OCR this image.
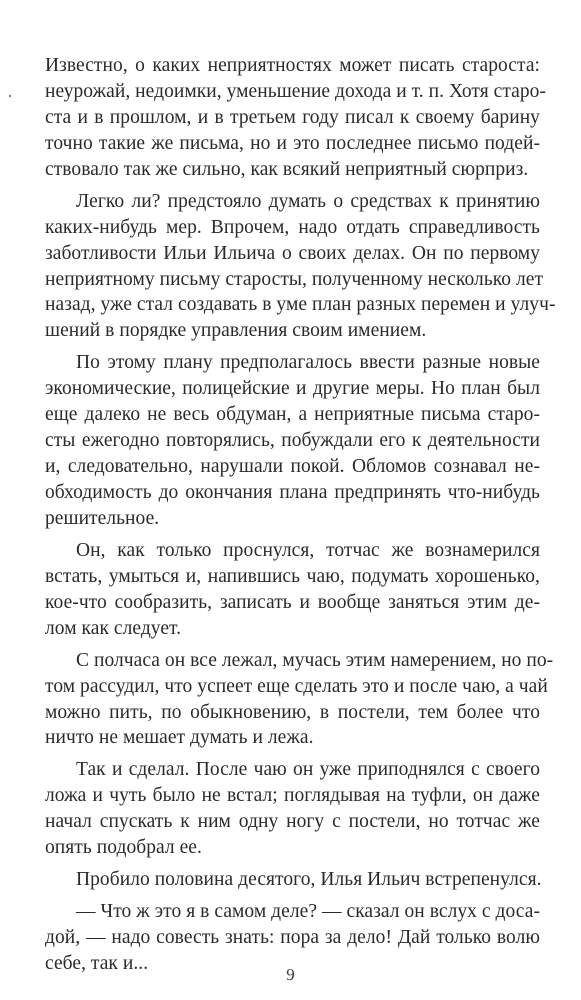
Известно, о каких неприятностях может писать староста:
неурожай, недоимки, уменьшение дохода и т. п. Хотя старо-
ста и в прошлом, и в третьем году писал к своему барину
точно такие же письма, но и это последнее письмо подей-
ствовало так же сильно, как всякий неприятный сюрприз.
Легко ли? предстояло думать о средствах к принятию
каких-нибудь мер. Впрочем, надо отдать справедливость
заботливости Ильи Ильича о своих делах. Он по первому
неприятному письму старосты, полученному несколько лет
назад, уже стал создавать в уме план разных перемен и улуч-
шений в порядке управления своим имением.
По этому плану предполагалось ввести разные новые
экономические, полицейские и другие меры. Но план был
еще далеко не весь обдуман, а неприятные письма старо-
сты ежегодно повторялись, побуждали его к деятельности
и, следовательно, нарушали покой. Обломов сознавал не-
обходимость до окончания плана предпринять что-нибудь
решительное.
Он, как только проснулся, тотчас же вознамерился
встать, умыться и, напившись чаю, подумать хорошенько,
кое-что сообразить, записать и вообще заняться этим де-
лом как следует.
С полчаса он все лежал, мучась этим намерением, но по-
том рассудил, что успеет еще сделать это и после чаю, а чай
можно пить, по обыкновению, в постели, тем более что
ничто не мешает думать и лежа.
Так и сделал. После чаю он уже приподнялся с своего
ложа и чуть было не встал; поглядывая на туфли, он даже
начал спускать к ним одну ногу с постели, но тотчас же
опять подобрал ее.
9
Пробило половина десятого, Илья Ильич встрепенулся.
— Что ж это я в самом деле? — сказал он вслух с доса-
дой, — надо совесть знать: пора за дело! Дай только волю
себе, так и...
